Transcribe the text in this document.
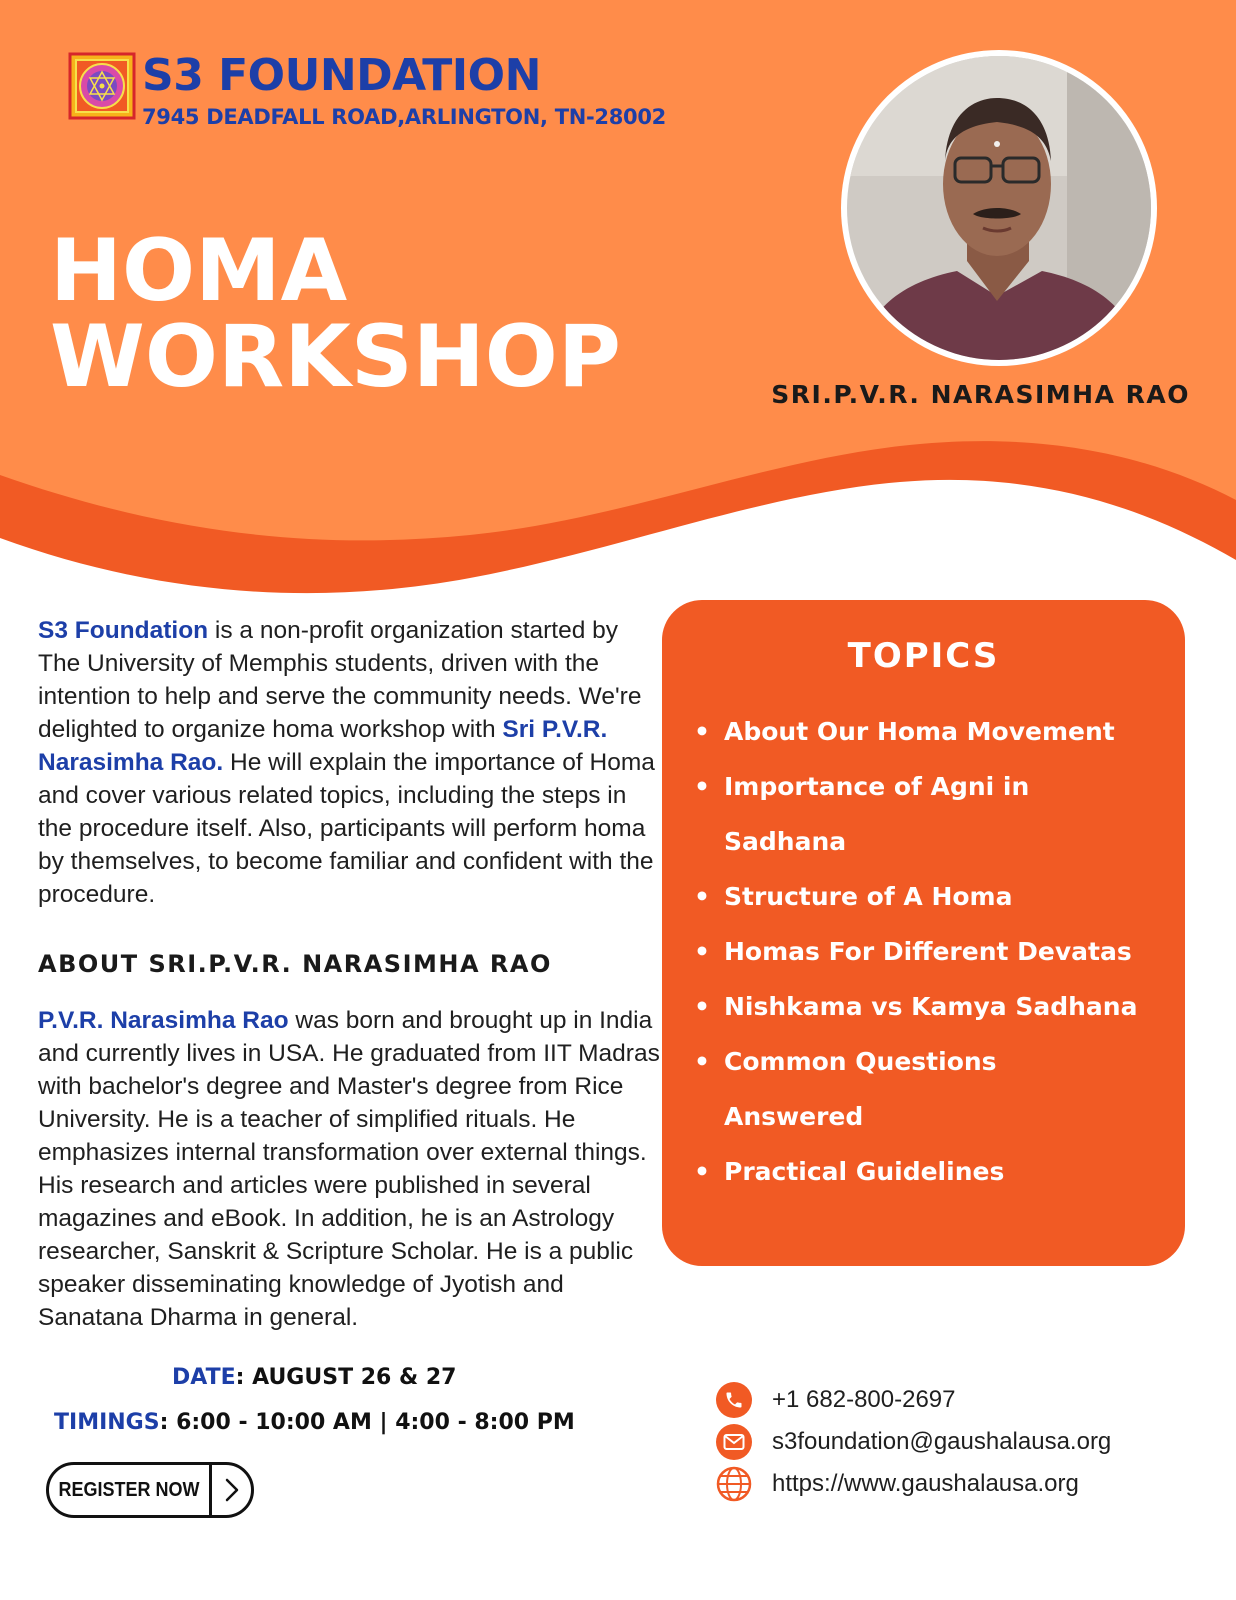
S3 FOUNDATION
7945 DEADFALL ROAD,ARLINGTON, TN-28002
HOMA
WORKSHOP	SRI.P.V.R. NARASIMHA RAO
S3 Foundation is a non-profit organization started by The University of Memphis students, driven with the intention to help and serve the community needs. We're delighted to organize homa workshop with Sri P.V.R. Narasimha Rao. He will explain the importance of Homa and cover various related topics, including the steps in the procedure itself. Also, participants will perform homa by themselves, to become familiar and confident with the procedure.
ABOUT SRI.P.V.R. NARASIMHA RAO
P.V.R. Narasimha Rao was born and brought up in India and currently lives in USA. He graduated from IIT Madras with bachelor's degree and Master's degree from Rice University. He is a teacher of simplified rituals. He emphasizes internal transformation over external things. His research and articles were published in several magazines and eBook. In addition, he is an Astrology researcher, Sanskrit & Scripture Scholar. He is a public speaker disseminating knowledge of Jyotish and Sanatana Dharma in general.
DATE: AUGUST 26 & 27
TIMINGS: 6:00 - 10:00 AM | 4:00 - 8:00 PM
REGISTER NOW
TOPICS
• About Our Homa Movement
• Importance of Agni in
Sadhana
• Structure of A Homa
• Homas For Different Devatas
• Nishkama vs Kamya Sadhana
• Common Questions
Answered
• Practical Guidelines
+1 682-800-2697
s3foundation@gaushalausa.org
https://www.gaushalausa.org
